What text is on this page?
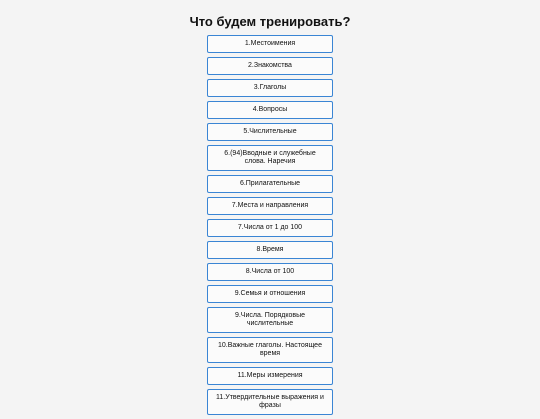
Что будем тренировать?
1.Местоимения
2.Знакомства
3.Глаголы
4.Вопросы
5.Числительные
6.(94)Вводные и служебные слова. Наречия
6.Прилагательные
7.Места и направления
7.Числа от 1 до 100
8.Время
8.Числа от 100
9.Семья и отношения
9.Числа. Порядковые числительные
10.Важные глаголы. Настоящее время
11.Меры измерения
11.Утвердительные выражения и фразы
